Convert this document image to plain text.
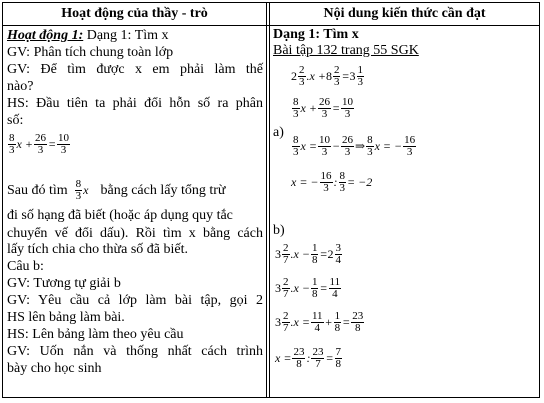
Hoạt động của thầy - trò	Nội dung kiến thức cần đạt
Hoạt động 1: Dạng 1: Tìm x
GV: Phân tích chung toàn lớp
GV: Để tìm được x em phải làm thế
nào?
HS: Đầu tiên ta phải đổi hỗn số ra phân
số:
$\frac{8}{3}$ $x + \frac{26}{3} = \frac{10}{3}$
Sau đó tìm $\frac{8}{3}$ x bằng cách lấy tổng trừ
đi số hạng đã biết (hoặc áp dụng quy tắc
chuyển vế đổi dấu). Rồi tìm x bằng cách
lấy tích chia cho thừa số đã biết.
Câu b:
GV: Tương tự giải b
GV: Yêu cầu cả lớp làm bài tập, gọi 2
HS lên bảng làm bài.
HS: Lên bảng làm theo yêu cầu
GV: Uốn nắn và thống nhất cách trình
bày cho học sinh
Dạng 1: Tìm x
Bài tập 132 trang 55 SGK
$2 \frac{2}{3} .x + 8 \frac{2}{3} = 3 \frac{1}{3}$
$\frac{8}{3}$ $x + \frac{26}{3} = \frac{10}{3}$
a)
$\frac{8}{3}$ $x = \frac{10}{3} - \frac{26}{3}$ ⇒ $\frac{8}{3}$ x = − $\frac{16}{3}$
x = − $\frac{16}{3}$ : $\frac{8}{3} = -2$
b)
$3 \frac{2}{7} .x - \frac{1}{8} = 2 \frac{3}{4}$
$3 \frac{2}{7} .x - \frac{1}{8} = \frac{11}{4}$
$3 \frac{2}{7} .x = \frac{11}{4} + \frac{1}{8} = \frac{23}{8}$
$x = \frac{23}{8}$ : $\frac{23}{7} = \frac{7}{8}$
